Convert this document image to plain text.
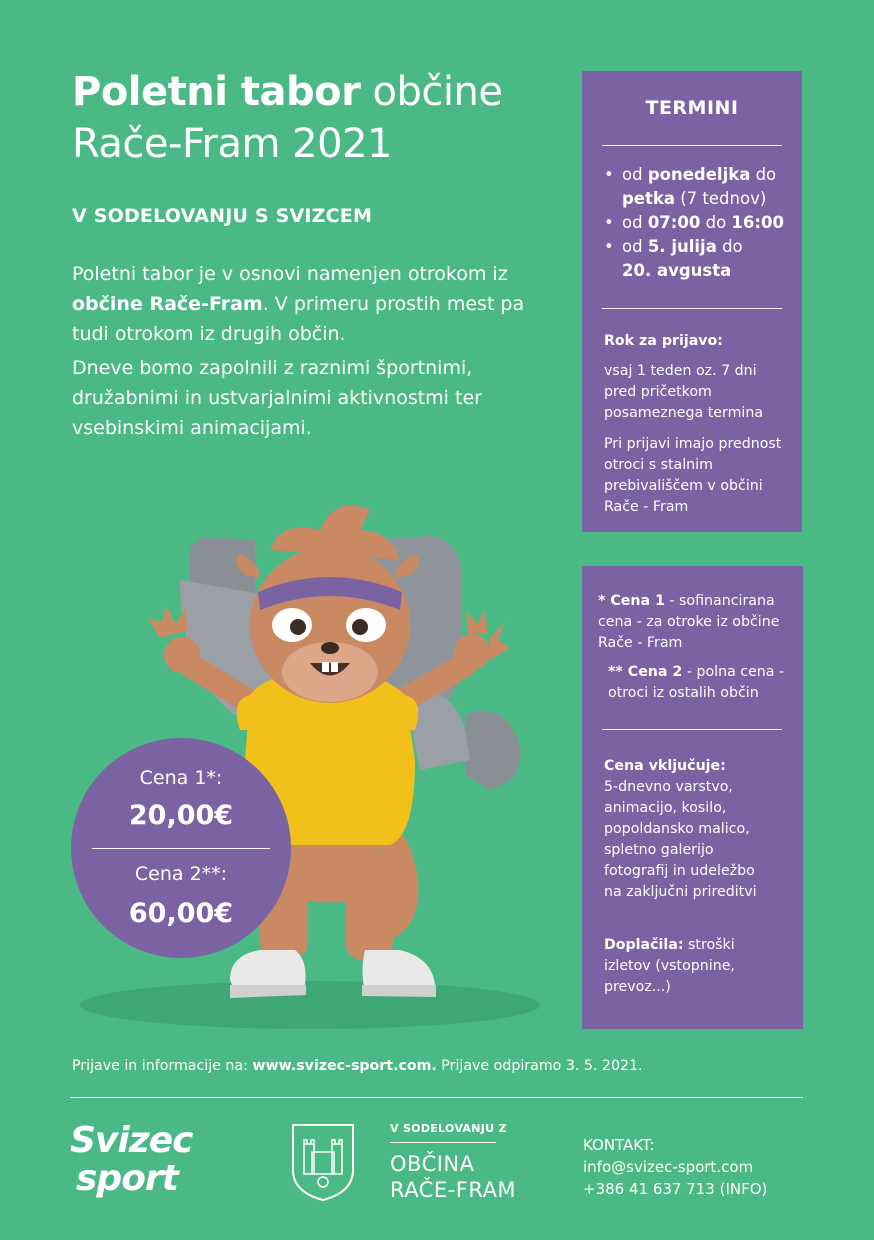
Poletni tabor občine
Rače-Fram 2021
V SODELOVANJU S SVIZCEM
Poletni tabor je v osnovi namenjen otrokom iz
občine Rače-Fram. V primeru prostih mest pa tudi otrokom iz drugih občin.
Dneve bomo zapolnili z raznimi športnimi, družabnimi in ustvarjalnimi aktivnostmi ter vsebinskimi animacijami.
TERMINI
• od ponedeljka do petka (7 tednov)
• od 07:00 do 16:00
• od 5. julija do
20. avgusta
Rok za prijavo:
vsaj 1 teden oz. 7 dni pred pričetkom posameznega termina
Pri prijavi imajo prednost otroci s stalnim prebivališčem v občini Rače - Fram
* Cena 1 - sofinancirana cena - za otroke iz občine Rače - Fram
** Cena 2 - polna cena - otroci iz ostalih občin
Cena vključuje:
5-dnevno varstvo, animacijo, kosilo, popoldansko malico, spletno galerijo fotografij in udeležbo na zaključni prireditvi
Doplačila: stroški izletov (vstopnine, prevoz...)
Cena 1*:
20,00€
Cena 2**:
60,00€
Prijave in informacije na: www.svizec-sport.com. Prijave odpiramo 3. 5. 2021.
Svizec
sport
V SODELOVANJU Z
OBČINA
RAČE-FRAM
KONTAKT:
info@svizec-sport.com
+386 41 637 713 (INFO)
